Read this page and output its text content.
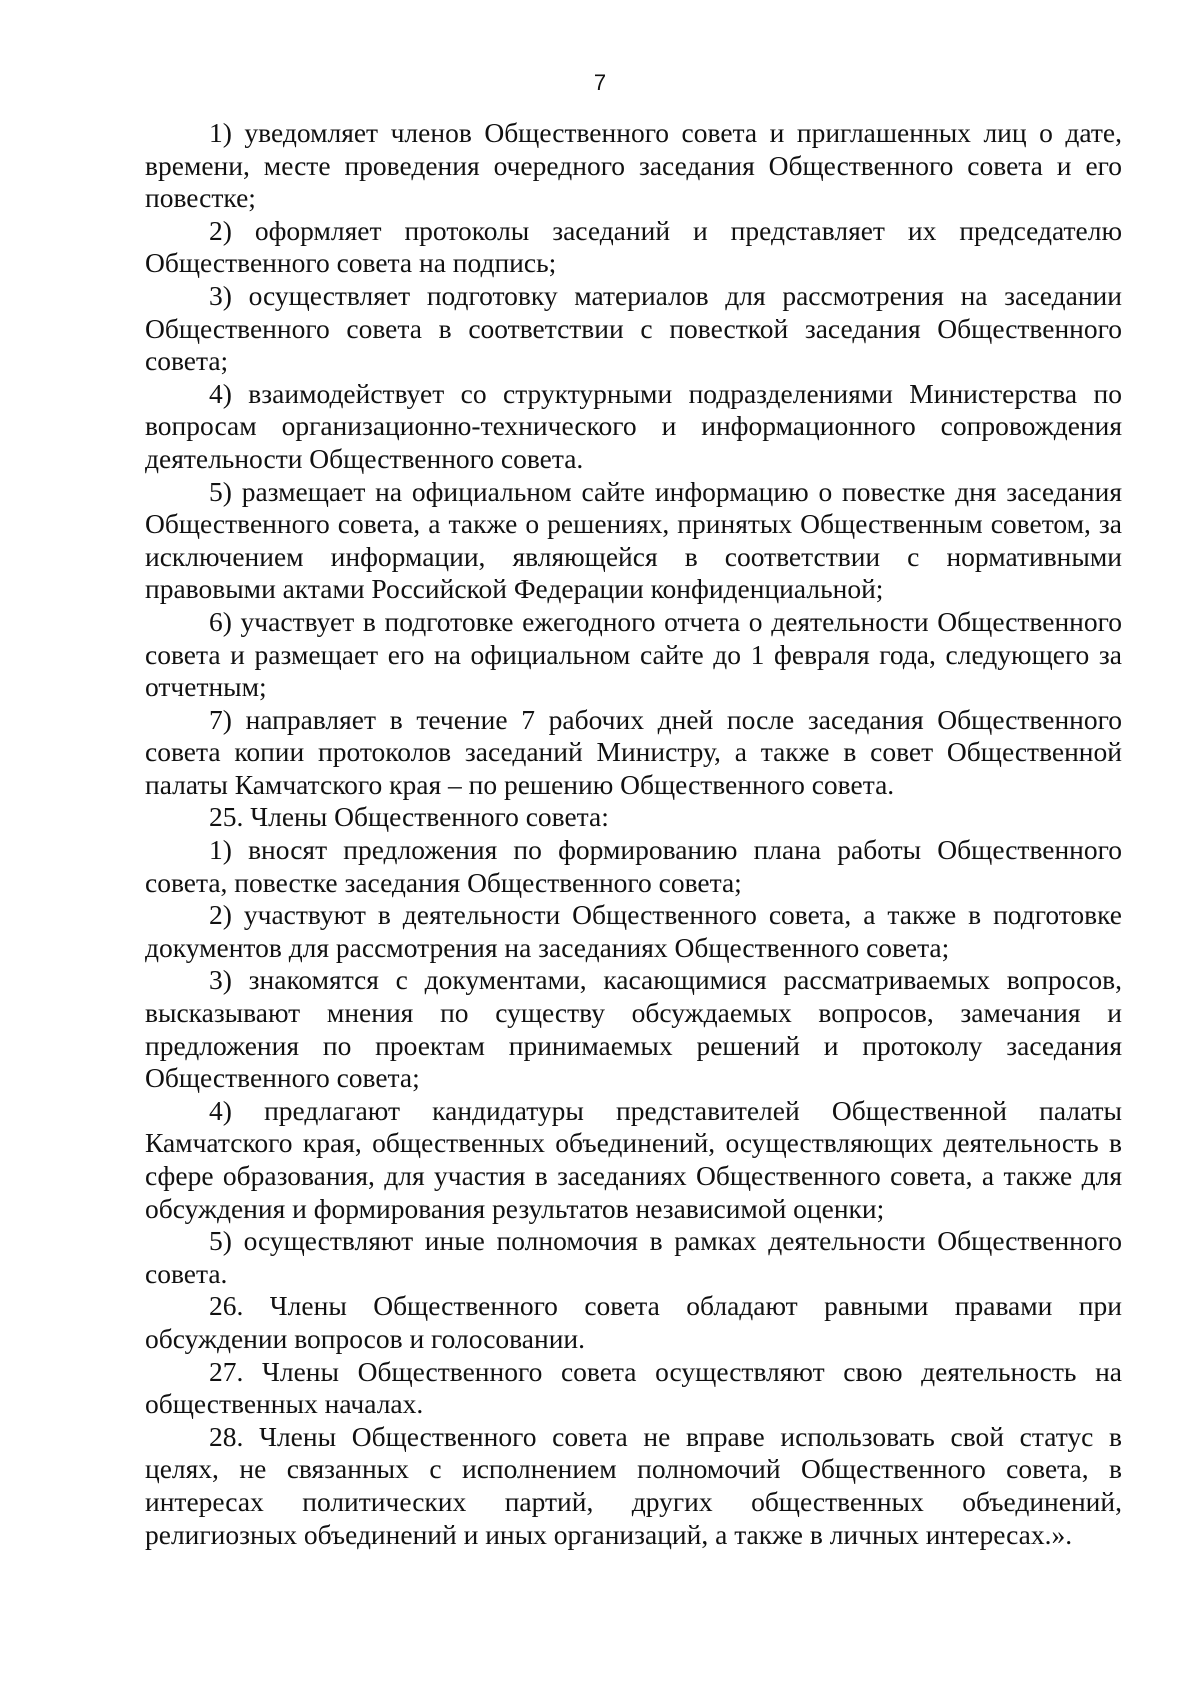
7

1) уведомляет членов Общественного совета и приглашенных лиц о дате, времени, месте проведения очередного заседания Общественного совета и его повестке;

2) оформляет протоколы заседаний и представляет их председателю Общественного совета на подпись;

3) осуществляет подготовку материалов для рассмотрения на заседании Общественного совета в соответствии с повесткой заседания Общественного совета;

4) взаимодействует со структурными подразделениями Министерства по вопросам организационно-технического и информационного сопровождения деятельности Общественного совета.

5) размещает на официальном сайте информацию о повестке дня заседания Общественного совета, а также о решениях, принятых Общественным советом, за исключением информации, являющейся в соответствии с нормативными правовыми актами Российской Федерации конфиденциальной;

6) участвует в подготовке ежегодного отчета о деятельности Общественного совета и размещает его на официальном сайте до 1 февраля года, следующего за отчетным;

7) направляет в течение 7 рабочих дней после заседания Общественного совета копии протоколов заседаний Министру, а также в совет Общественной палаты Камчатского края – по решению Общественного совета.

25. Члены Общественного совета:

1) вносят предложения по формированию плана работы Общественного совета, повестке заседания Общественного совета;

2) участвуют в деятельности Общественного совета, а также в подготовке документов для рассмотрения на заседаниях Общественного совета;

3) знакомятся с документами, касающимися рассматриваемых вопросов, высказывают мнения по существу обсуждаемых вопросов, замечания и предложения по проектам принимаемых решений и протоколу заседания Общественного совета;

4) предлагают кандидатуры представителей Общественной палаты Камчатского края, общественных объединений, осуществляющих деятельность в сфере образования, для участия в заседаниях Общественного совета, а также для обсуждения и формирования результатов независимой оценки;

5) осуществляют иные полномочия в рамках деятельности Общественного совета.

26. Члены Общественного совета обладают равными правами при обсуждении вопросов и голосовании.

27. Члены Общественного совета осуществляют свою деятельность на общественных началах.

28. Члены Общественного совета не вправе использовать свой статус в целях, не связанных с исполнением полномочий Общественного совета, в интересах политических партий, других общественных объединений, религиозных объединений и иных организаций, а также в личных интересах.».
